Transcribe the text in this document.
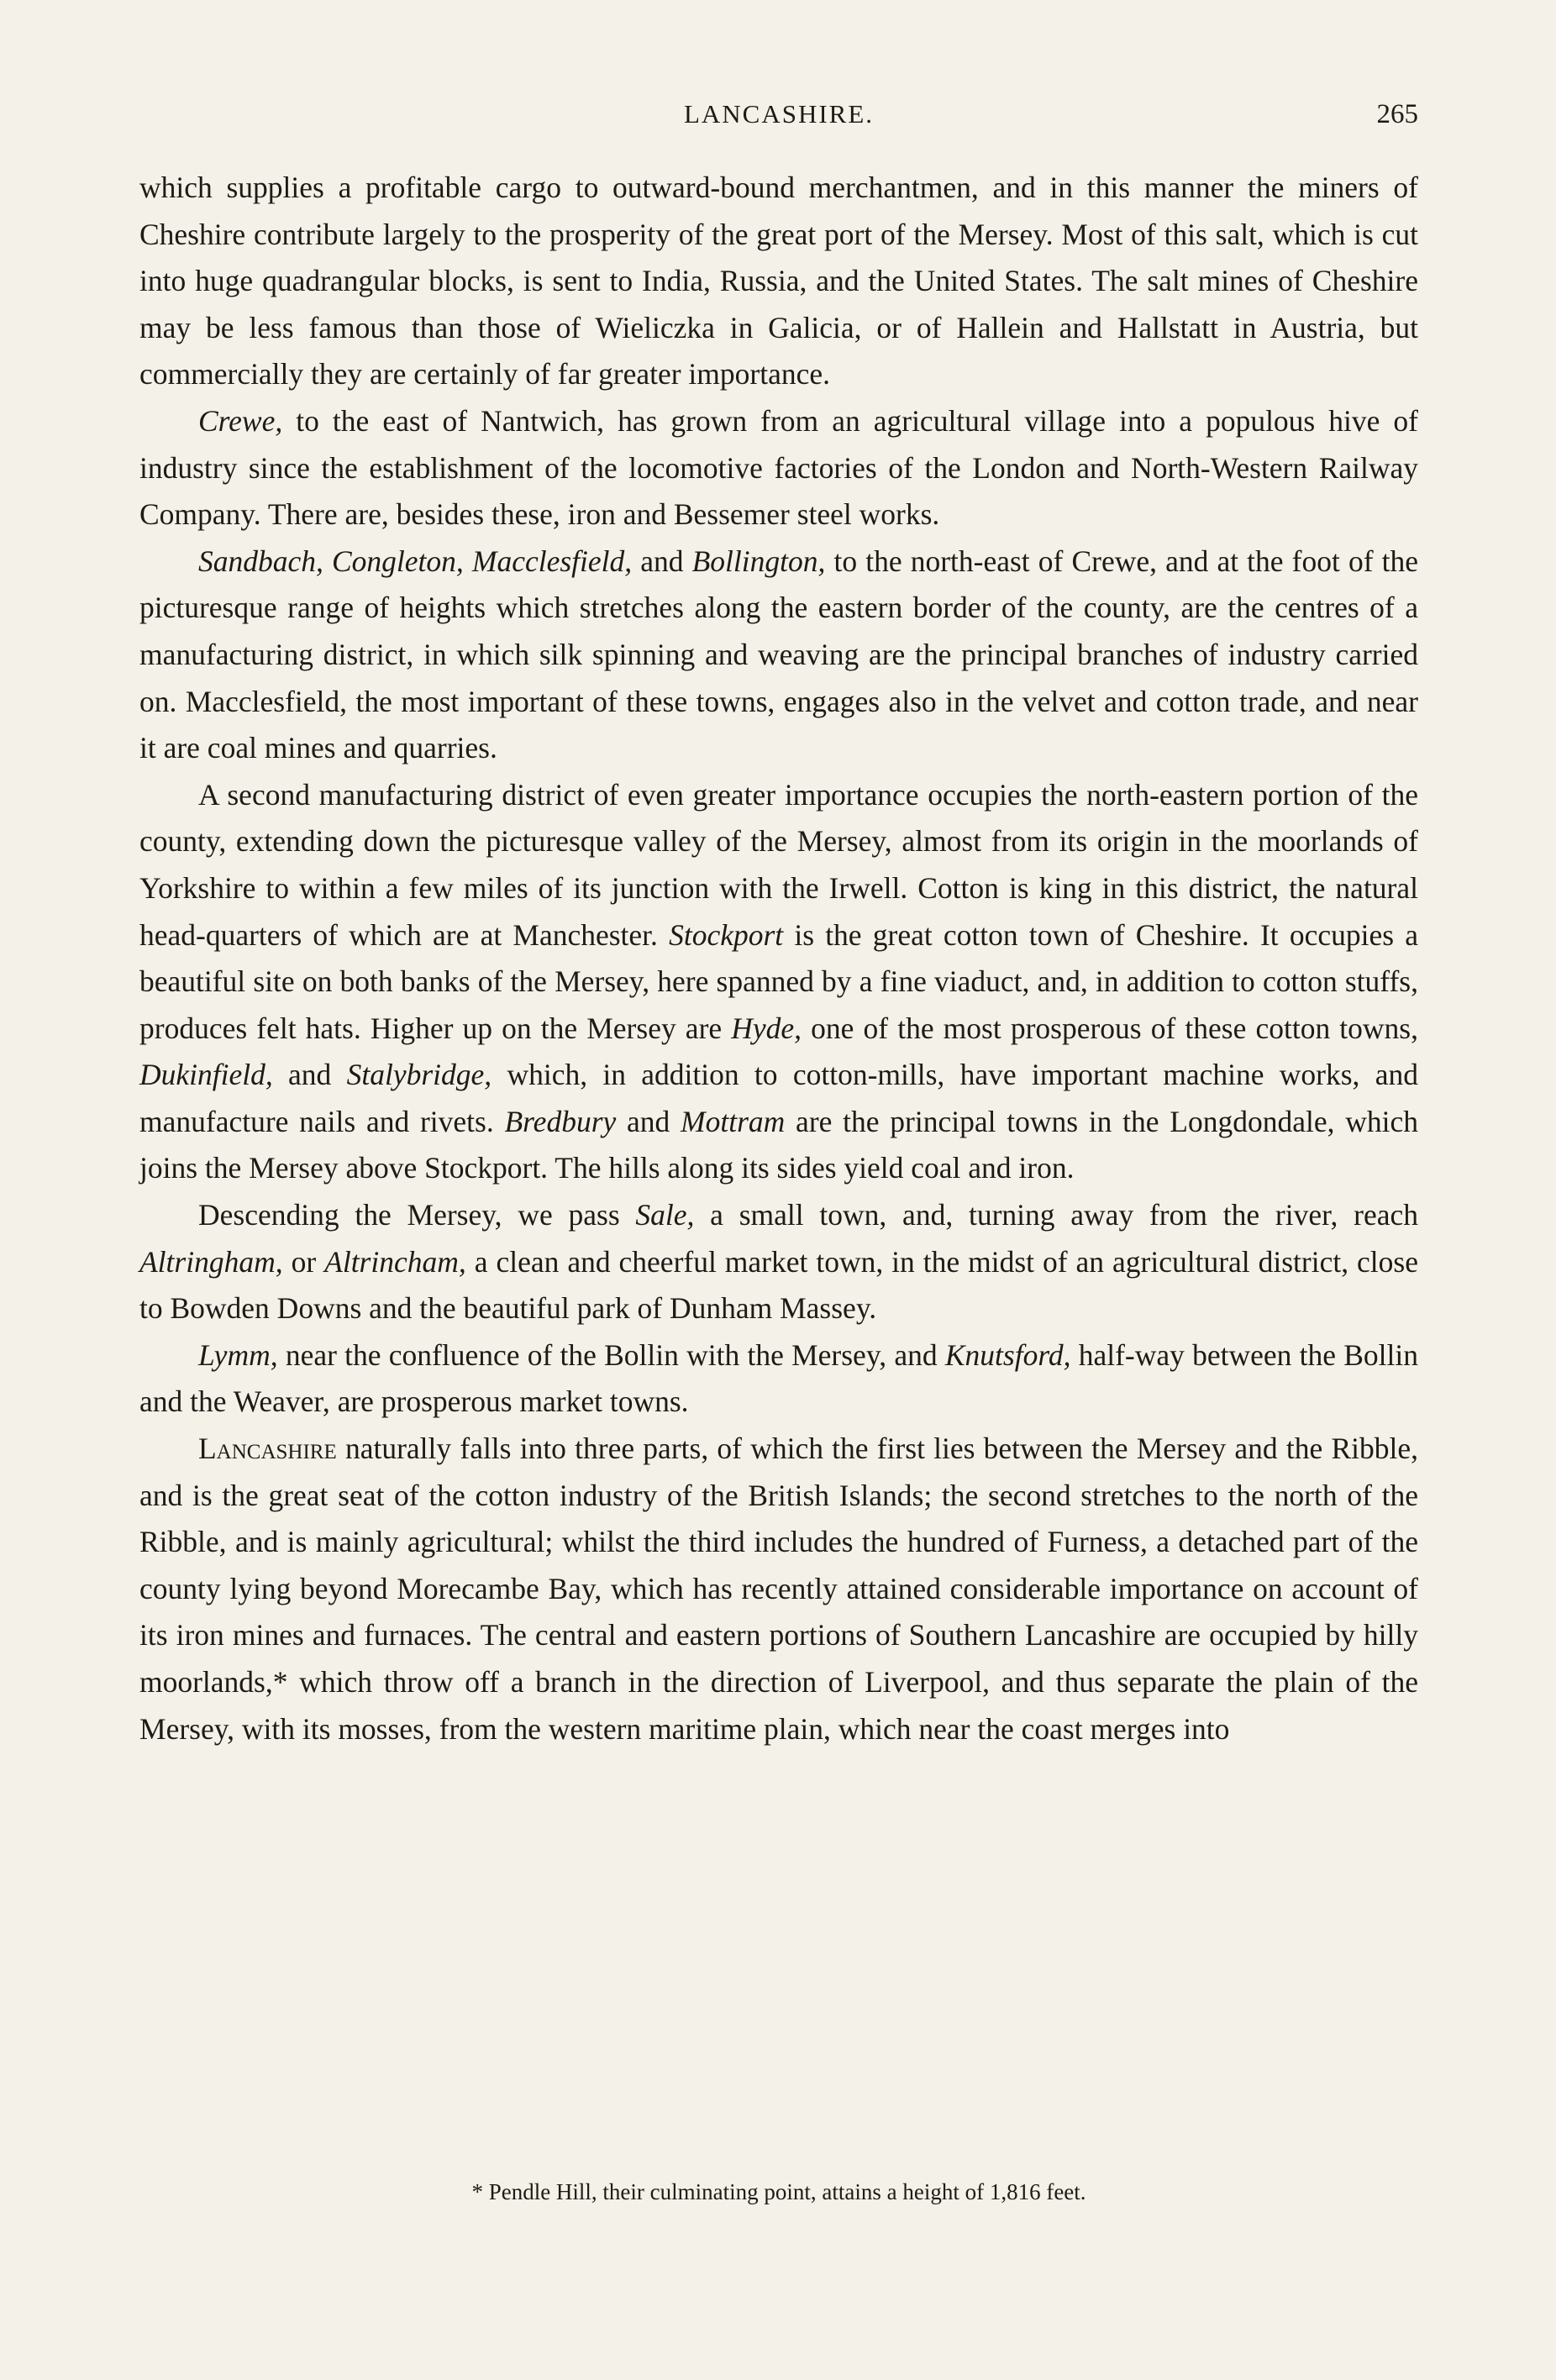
LANCASHIRE.	265

which supplies a profitable cargo to outward-bound merchantmen, and in this manner the miners of Cheshire contribute largely to the prosperity of the great port of the Mersey. Most of this salt, which is cut into huge quadrangular blocks, is sent to India, Russia, and the United States. The salt mines of Cheshire may be less famous than those of Wieliczka in Galicia, or of Hallein and Hallstatt in Austria, but commercially they are certainly of far greater importance.

Crewe, to the east of Nantwich, has grown from an agricultural village into a populous hive of industry since the establishment of the locomotive factories of the London and North-Western Railway Company. There are, besides these, iron and Bessemer steel works.

Sandbach, Congleton, Macclesfield, and Bollington, to the north-east of Crewe, and at the foot of the picturesque range of heights which stretches along the eastern border of the county, are the centres of a manufacturing district, in which silk spinning and weaving are the principal branches of industry carried on. Macclesfield, the most important of these towns, engages also in the velvet and cotton trade, and near it are coal mines and quarries.

A second manufacturing district of even greater importance occupies the north-eastern portion of the county, extending down the picturesque valley of the Mersey, almost from its origin in the moorlands of Yorkshire to within a few miles of its junction with the Irwell. Cotton is king in this district, the natural head-quarters of which are at Manchester. Stockport is the great cotton town of Cheshire. It occupies a beautiful site on both banks of the Mersey, here spanned by a fine viaduct, and, in addition to cotton stuffs, produces felt hats. Higher up on the Mersey are Hyde, one of the most prosperous of these cotton towns, Dukinfield, and Stalybridge, which, in addition to cotton-mills, have important machine works, and manufacture nails and rivets. Bredbury and Mottram are the principal towns in the Longdondale, which joins the Mersey above Stockport. The hills along its sides yield coal and iron.

Descending the Mersey, we pass Sale, a small town, and, turning away from the river, reach Altringham, or Altrincham, a clean and cheerful market town, in the midst of an agricultural district, close to Bowden Downs and the beautiful park of Dunham Massey.

Lymm, near the confluence of the Bollin with the Mersey, and Knutsford, half-way between the Bollin and the Weaver, are prosperous market towns.

Lancashire naturally falls into three parts, of which the first lies between the Mersey and the Ribble, and is the great seat of the cotton industry of the British Islands; the second stretches to the north of the Ribble, and is mainly agricultural; whilst the third includes the hundred of Furness, a detached part of the county lying beyond Morecambe Bay, which has recently attained considerable importance on account of its iron mines and furnaces. The central and eastern portions of Southern Lancashire are occupied by hilly moorlands,* which throw off a branch in the direction of Liverpool, and thus separate the plain of the Mersey, with its mosses, from the western maritime plain, which near the coast merges into

* Pendle Hill, their culminating point, attains a height of 1,816 feet.
